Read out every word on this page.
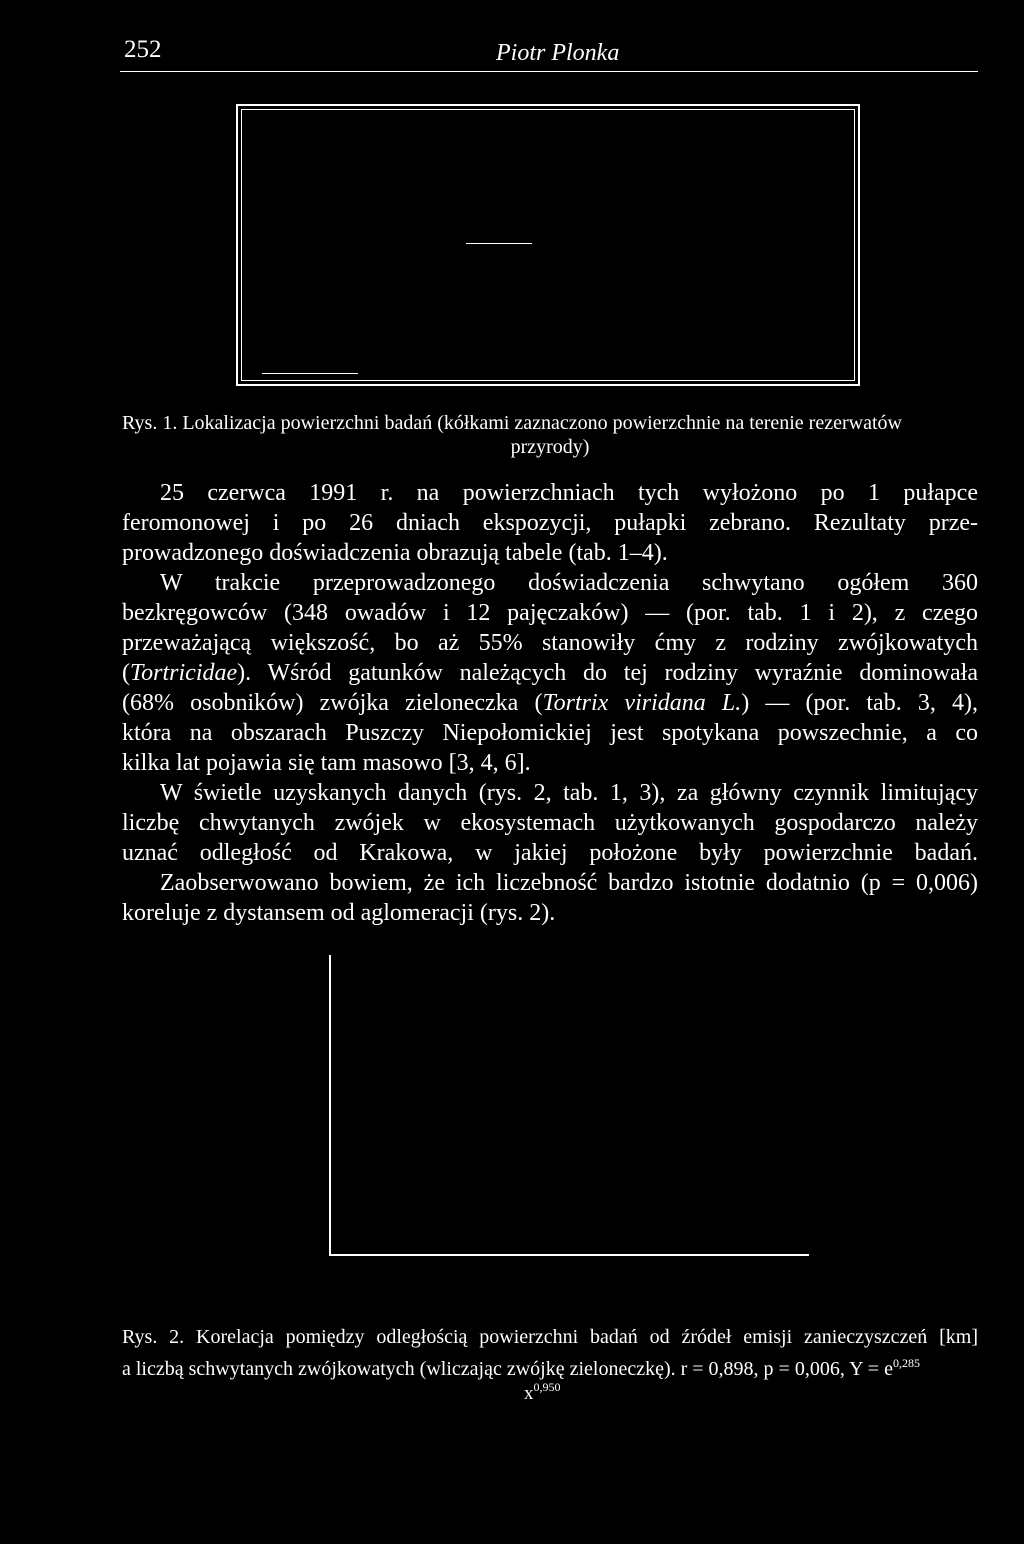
252	Piotr Plonka
Rys. 1. Lokalizacja powierzchni badań (kółkami zaznaczono powierzchnie na terenie rezerwatów
przyrody)
25 czerwca 1991 r. na powierzchniach tych wyłożono po 1 pułapce
feromonowej i po 26 dniach ekspozycji, pułapki zebrano. Rezultaty prze-
prowadzonego doświadczenia obrazują tabele (tab. 1–4).
W trakcie przeprowadzonego doświadczenia schwytano ogółem 360
bezkręgowców (348 owadów i 12 pajęczaków) — (por. tab. 1 i 2), z czego
przeważającą większość, bo aż 55% stanowiły ćmy z rodziny zwójkowatych
(Tortricidae). Wśród gatunków należących do tej rodziny wyraźnie dominowała
(68% osobników) zwójka zieloneczka (Tortrix viridana L.) — (por. tab. 3, 4),
która na obszarach Puszczy Niepołomickiej jest spotykana powszechnie, a co
kilka lat pojawia się tam masowo [3, 4, 6].
W świetle uzyskanych danych (rys. 2, tab. 1, 3), za główny czynnik limitujący
liczbę chwytanych zwójek w ekosystemach użytkowanych gospodarczo należy
uznać odległość od Krakowa, w jakiej położone były powierzchnie badań.
Zaobserwowano bowiem, że ich liczebność bardzo istotnie dodatnio (p = 0,006)
koreluje z dystansem od aglomeracji (rys. 2).
Rys. 2. Korelacja pomiędzy odległością powierzchni badań od źródeł emisji zanieczyszczeń [km]
a liczbą schwytanych zwójkowatych (wliczając zwójkę zieloneczkę). r = 0,898, p = 0,006, $Y = e^{0,285}$
$x^{0,950}$
